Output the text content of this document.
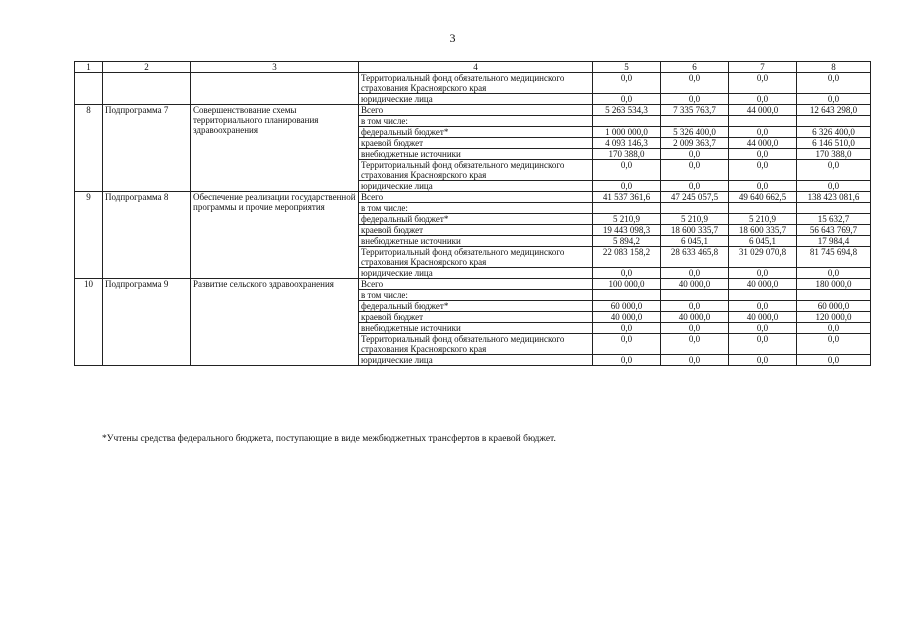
3
1	2	3	4	5	6	7	8
			Территориальный фонд обязательного медицинского страхования Красноярского края	0,0	0,0	0,0	0,0
			юридические лица	0,0	0,0	0,0	0,0
8	Подпрограмма 7	Совершенствование схемы территориального планирования здравоохранения	Всего	5 263 534,3	7 335 763,7	44 000,0	12 643 298,0
			в том числе:				
			федеральный бюджет*	1 000 000,0	5 326 400,0	0,0	6 326 400,0
			краевой бюджет	4 093 146,3	2 009 363,7	44 000,0	6 146 510,0
			внебюджетные источники	170 388,0	0,0	0,0	170 388,0
			Территориальный фонд обязательного медицинского страхования Красноярского края	0,0	0,0	0,0	0,0
			юридические лица	0,0	0,0	0,0	0,0
9	Подпрограмма 8	Обеспечение реализации государственной программы и прочие мероприятия	Всего	41 537 361,6	47 245 057,5	49 640 662,5	138 423 081,6
			в том числе:				
			федеральный бюджет*	5 210,9	5 210,9	5 210,9	15 632,7
			краевой бюджет	19 443 098,3	18 600 335,7	18 600 335,7	56 643 769,7
			внебюджетные источники	5 894,2	6 045,1	6 045,1	17 984,4
			Территориальный фонд обязательного медицинского страхования Красноярского края	22 083 158,2	28 633 465,8	31 029 070,8	81 745 694,8
			юридические лица	0,0	0,0	0,0	0,0
10	Подпрограмма 9	Развитие сельского здравоохранения	Всего	100 000,0	40 000,0	40 000,0	180 000,0
			в том числе:				
			федеральный бюджет*	60 000,0	0,0	0,0	60 000,0
			краевой бюджет	40 000,0	40 000,0	40 000,0	120 000,0
			внебюджетные источники	0,0	0,0	0,0	0,0
			Территориальный фонд обязательного медицинского страхования Красноярского края	0,0	0,0	0,0	0,0
			юридические лица	0,0	0,0	0,0	0,0
*Учтены средства федерального бюджета, поступающие в виде межбюджетных трансфертов в краевой бюджет.
